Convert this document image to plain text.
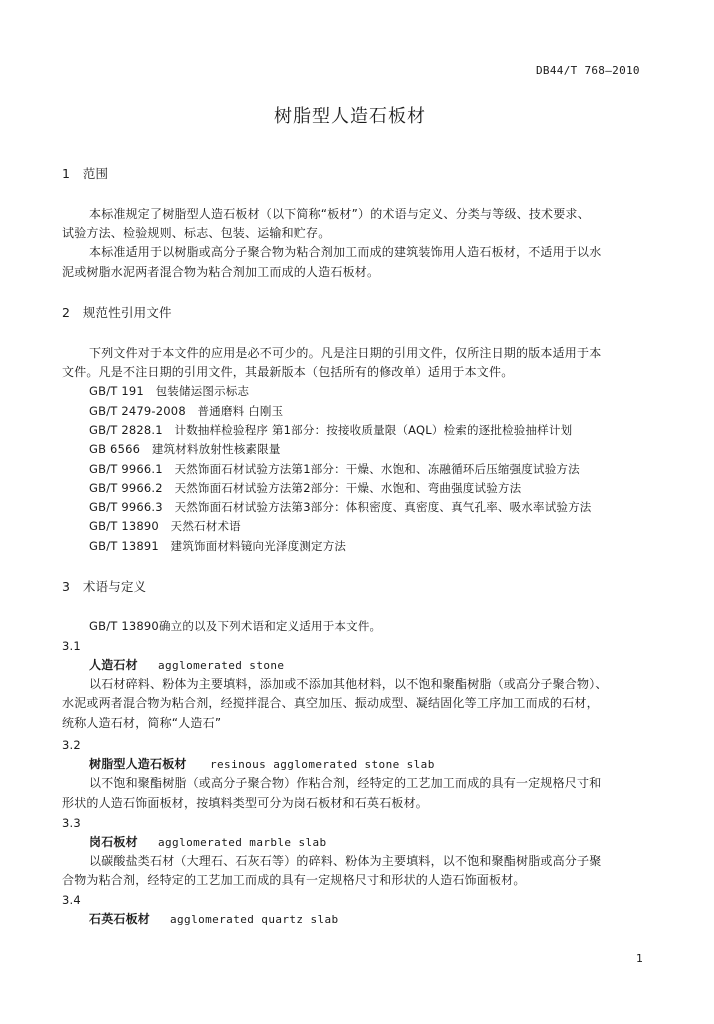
DB44/T 768—2010
树脂型人造石板材
1　范围
本标准规定了树脂型人造石板材（以下简称“板材”）的术语与定义、分类与等级、技术要求、
试验方法、检验规则、标志、包装、运输和贮存。
本标准适用于以树脂或高分子聚合物为粘合剂加工而成的建筑装饰用人造石板材，不适用于以水
泥或树脂水泥两者混合物为粘合剂加工而成的人造石板材。
2　规范性引用文件
下列文件对于本文件的应用是必不可少的。凡是注日期的引用文件，仅所注日期的版本适用于本
文件。凡是不注日期的引用文件，其最新版本（包括所有的修改单）适用于本文件。
GB/T 191　包装储运图示标志
GB/T 2479-2008　普通磨料 白刚玉
GB/T 2828.1　计数抽样检验程序 第1部分：按接收质量限（AQL）检索的逐批检验抽样计划
GB 6566　建筑材料放射性核素限量
GB/T 9966.1　天然饰面石材试验方法第1部分：干燥、水饱和、冻融循环后压缩强度试验方法
GB/T 9966.2　天然饰面石材试验方法第2部分：干燥、水饱和、弯曲强度试验方法
GB/T 9966.3　天然饰面石材试验方法第3部分：体积密度、真密度、真气孔率、吸水率试验方法
GB/T 13890　天然石材术语
GB/T 13891　建筑饰面材料镜向光泽度测定方法
3　术语与定义
GB/T 13890确立的以及下列术语和定义适用于本文件。
3.1
人造石材 agglomerated stone
以石材碎料、粉体为主要填料，添加或不添加其他材料，以不饱和聚酯树脂（或高分子聚合物）、
水泥或两者混合物为粘合剂，经搅拌混合、真空加压、振动成型、凝结固化等工序加工而成的石材，
统称人造石材，简称“人造石”
3.2
树脂型人造石板材 resinous agglomerated stone slab
以不饱和聚酯树脂（或高分子聚合物）作粘合剂，经特定的工艺加工而成的具有一定规格尺寸和
形状的人造石饰面板材，按填料类型可分为岗石板材和石英石板材。
3.3
岗石板材 agglomerated marble slab
以碳酸盐类石材（大理石、石灰石等）的碎料、粉体为主要填料，以不饱和聚酯树脂或高分子聚
合物为粘合剂，经特定的工艺加工而成的具有一定规格尺寸和形状的人造石饰面板材。
3.4
石英石板材 agglomerated quartz slab
1
